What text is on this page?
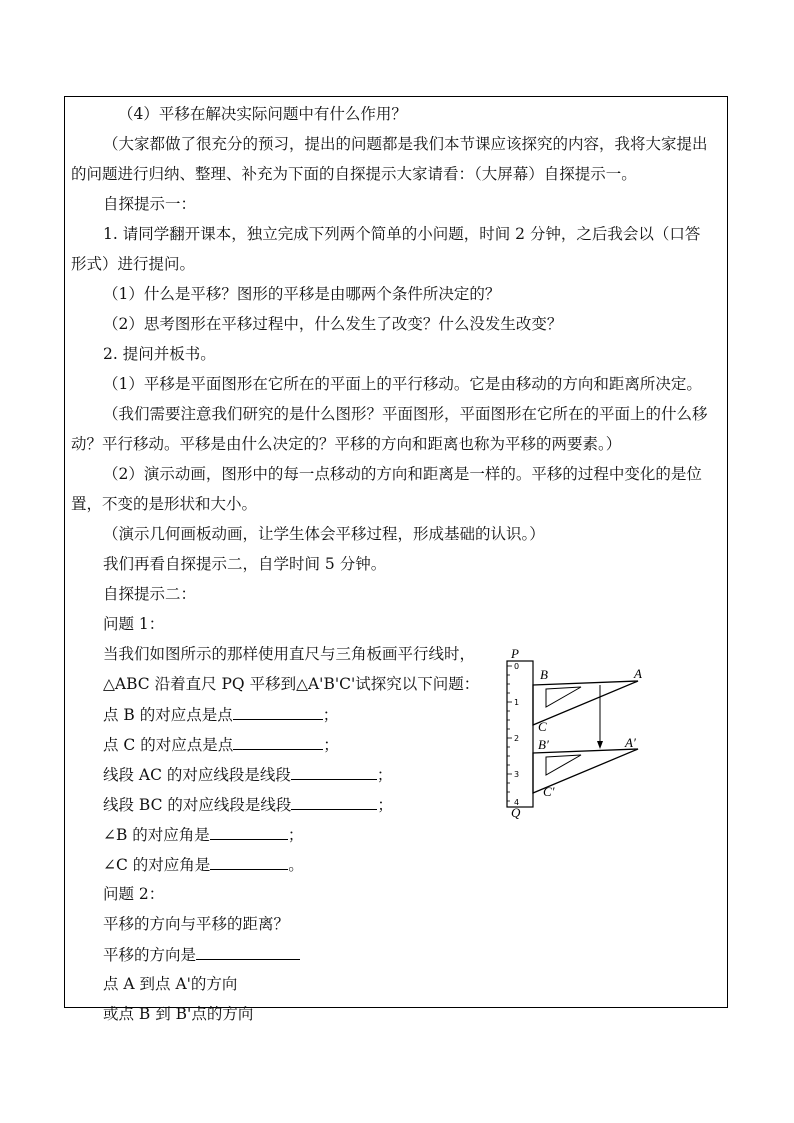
（4）平移在解决实际问题中有什么作用？
（大家都做了很充分的预习，提出的问题都是我们本节课应该探究的内容，我将大家提出
的问题进行归纳、整理、补充为下面的自探提示大家请看：（大屏幕）自探提示一。
自探提示一：
1. 请同学翻开课本，独立完成下列两个简单的小问题，时间 2 分钟，之后我会以（口答
形式）进行提问。
（1）什么是平移？图形的平移是由哪两个条件所决定的？
（2）思考图形在平移过程中，什么发生了改变？什么没发生改变？
2. 提问并板书。
（1）平移是平面图形在它所在的平面上的平行移动。它是由移动的方向和距离所决定。
（我们需要注意我们研究的是什么图形？平面图形，平面图形在它所在的平面上的什么移
动？平行移动。平移是由什么决定的？平移的方向和距离也称为平移的两要素。）
（2）演示动画，图形中的每一点移动的方向和距离是一样的。平移的过程中变化的是位
置，不变的是形状和大小。
（演示几何画板动画，让学生体会平移过程，形成基础的认识。）
我们再看自探提示二，自学时间 5 分钟。
自探提示二：
问题 1：
当我们如图所示的那样使用直尺与三角板画平行线时，
△ABC 沿着直尺 PQ 平移到△A'B'C'试探究以下问题：
点 B 的对应点是点	；
点 C 的对应点是点	；
线段 AC 的对应线段是线段	；
线段 BC 的对应线段是线段	；
∠B 的对应角是	；
∠C 的对应角是	。
问题 2：
平移的方向与平移的距离？
平移的方向是
点 A 到点 A'的方向
或点 B 到 B'点的方向
P
Q
B	A
C
B′	A′
C′
0
1
2
3
4
